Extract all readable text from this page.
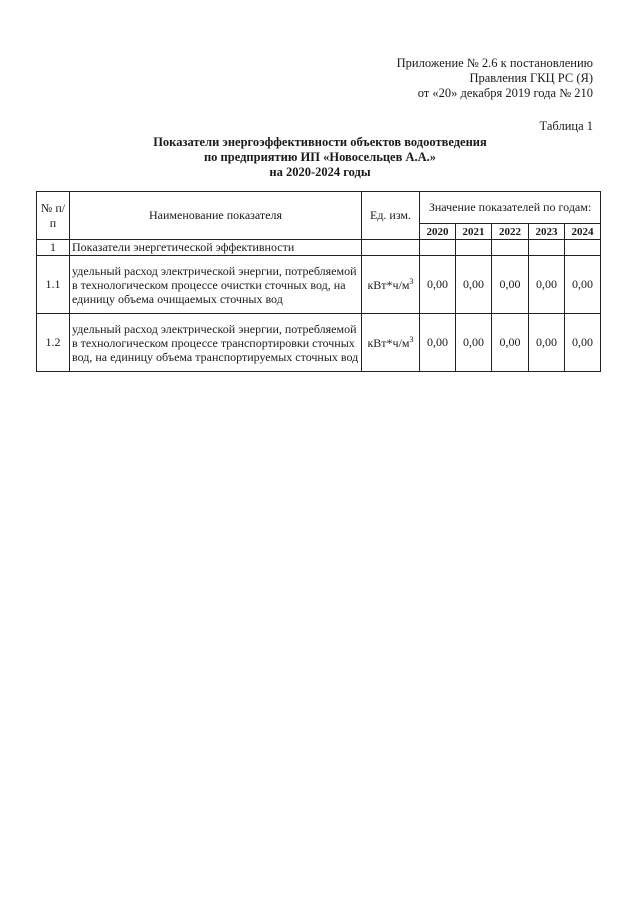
Приложение № 2.6 к постановлению
Правления ГКЦ РС (Я)
от «20» декабря 2019 года № 210
Таблица 1
Показатели энергоэффективности объектов водоотведения
по предприятию ИП «Новосельцев А.А.»
на 2020-2024 годы
№ п/п	Наименование показателя	Ед. изм.	Значение показателей по годам:				
			2020	2021	2022	2023	2024
1	Показатели энергетической эффективности						
1.1	удельный расход электрической энергии, потребляемой в технологическом процессе очистки сточных вод, на единицу объема очищаемых сточных вод	$кВт*ч/м^3$	0,00	0,00	0,00	0,00	0,00
1.2	удельный расход электрической энергии, потребляемой в технологическом процессе транспортировки сточных вод, на единицу объема транспортируемых сточных вод	$кВт*ч/м^3$	0,00	0,00	0,00	0,00	0,00
